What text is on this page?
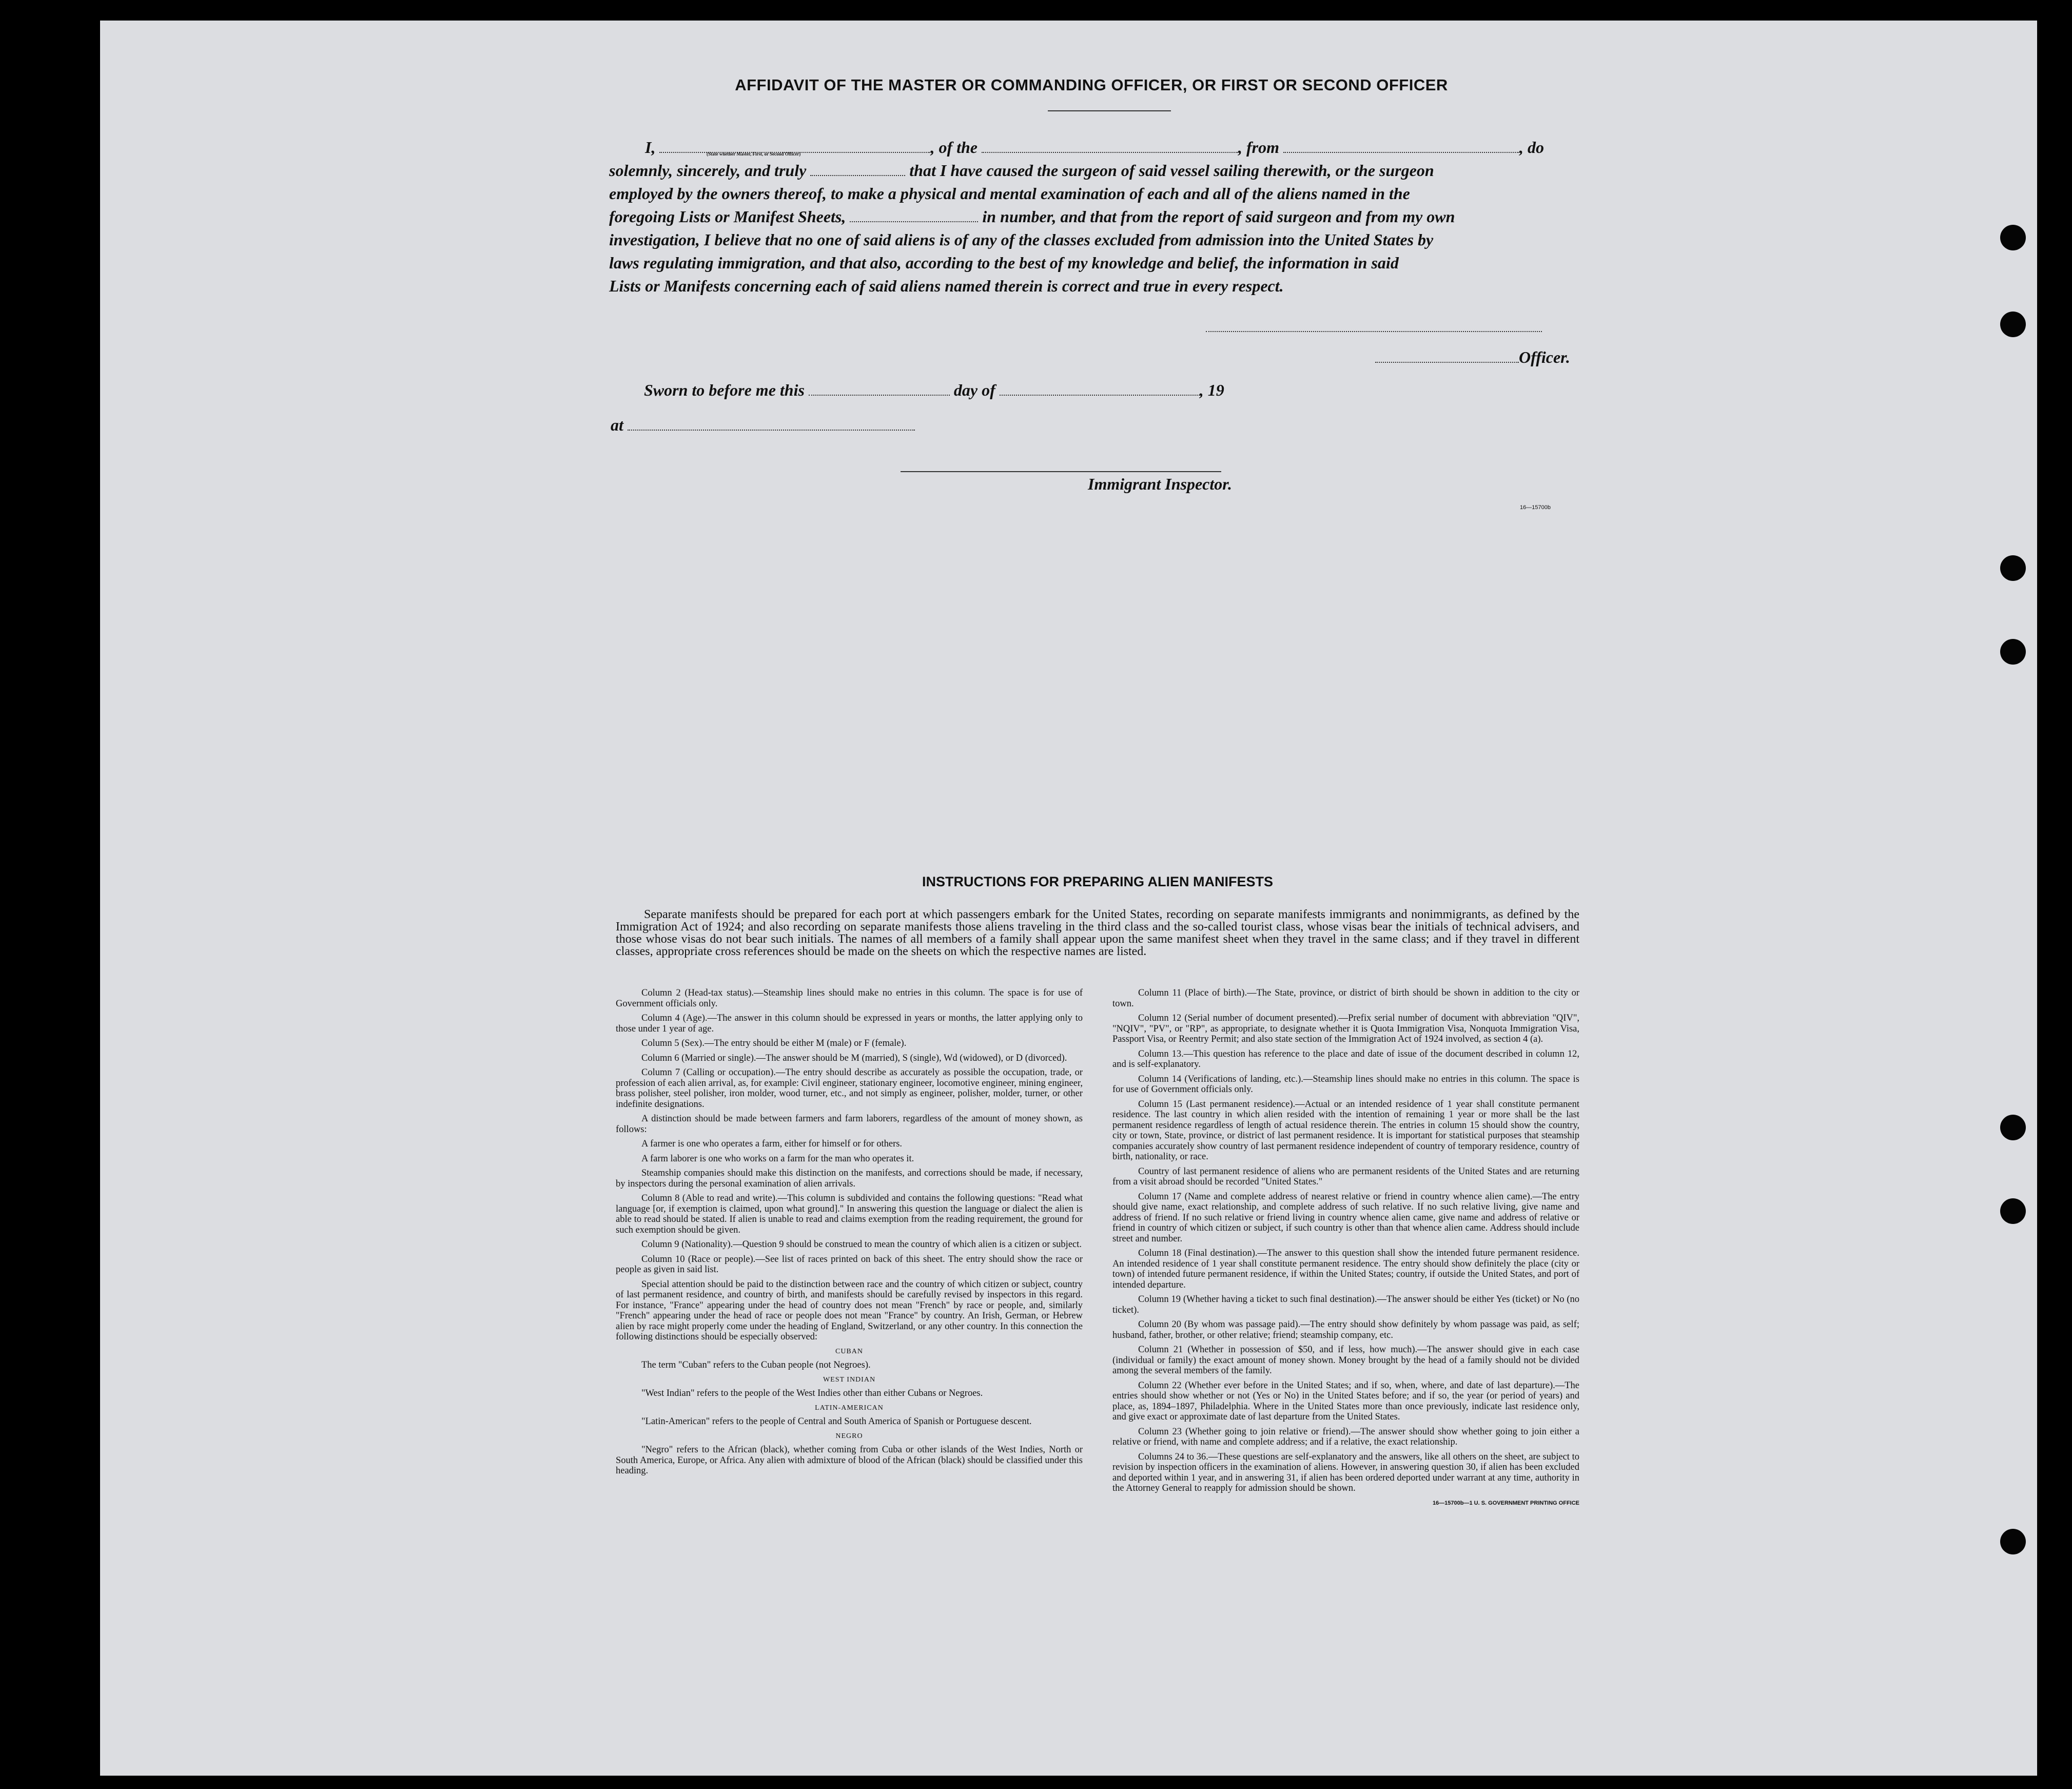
AFFIDAVIT OF THE MASTER OR COMMANDING OFFICER, OR FIRST OR SECOND OFFICER
I,	, of the	, from	, do
(State whether Master, First, or Second Officer)
solemnly, sincerely, and truly	that I have caused the surgeon of said vessel sailing therewith, or the surgeon
employed by the owners thereof, to make a physical and mental examination of each and all of the aliens named in the
foregoing Lists or Manifest Sheets,	in number, and that from the report of said surgeon and from my own
investigation, I believe that no one of said aliens is of any of the classes excluded from admission into the United States by
laws regulating immigration, and that also, according to the best of my knowledge and belief, the information in said
Lists or Manifests concerning each of said aliens named therein is correct and true in every respect.
Officer.
Sworn to before me this	day of	, 19
at
Immigrant Inspector.
16—15700b
INSTRUCTIONS FOR PREPARING ALIEN MANIFESTS

Separate manifests should be prepared for each port at which passengers embark for the United States, recording on separate manifests immigrants and nonimmigrants, as defined by the Immigration Act of 1924; and also recording on separate manifests those aliens traveling in the third class and the so-called tourist class, whose visas bear the initials of technical advisers, and those whose visas do not bear such initials. The names of all members of a family shall appear upon the same manifest sheet when they travel in the same class; and if they travel in different classes, appropriate cross references should be made on the sheets on which the respective names are listed.

Column 2 (Head-tax status).—Steamship lines should make no entries in this column. The space is for use of Government officials only.

Column 4 (Age).—The answer in this column should be expressed in years or months, the latter applying only to those under 1 year of age.

Column 5 (Sex).—The entry should be either M (male) or F (female).

Column 6 (Married or single).—The answer should be M (married), S (single), Wd (widowed), or D (divorced).

Column 7 (Calling or occupation).—The entry should describe as accurately as possible the occupation, trade, or profession of each alien arrival, as, for example: Civil engineer, stationary engineer, locomotive engineer, mining engineer, brass polisher, steel polisher, iron molder, wood turner, etc., and not simply as engineer, polisher, molder, turner, or other indefinite designations.

A distinction should be made between farmers and farm laborers, regardless of the amount of money shown, as follows:

A farmer is one who operates a farm, either for himself or for others.

A farm laborer is one who works on a farm for the man who operates it.

Steamship companies should make this distinction on the manifests, and corrections should be made, if necessary, by inspectors during the personal examination of alien arrivals.

Column 8 (Able to read and write).—This column is subdivided and contains the following questions: "Read what language [or, if exemption is claimed, upon what ground]." In answering this question the language or dialect the alien is able to read should be stated. If alien is unable to read and claims exemption from the reading requirement, the ground for such exemption should be given.

Column 9 (Nationality).—Question 9 should be construed to mean the country of which alien is a citizen or subject.

Column 10 (Race or people).—See list of races printed on back of this sheet. The entry should show the race or people as given in said list.

Special attention should be paid to the distinction between race and the country of which citizen or subject, country of last permanent residence, and country of birth, and manifests should be carefully revised by inspectors in this regard. For instance, "France" appearing under the head of country does not mean "French" by race or people, and, similarly "French" appearing under the head of race or people does not mean "France" by country. An Irish, German, or Hebrew alien by race might properly come under the heading of England, Switzerland, or any other country. In this connection the following distinctions should be especially observed:

CUBAN

The term "Cuban" refers to the Cuban people (not Negroes).

WEST INDIAN

"West Indian" refers to the people of the West Indies other than either Cubans or Negroes.

LATIN-AMERICAN

"Latin-American" refers to the people of Central and South America of Spanish or Portuguese descent.

NEGRO

"Negro" refers to the African (black), whether coming from Cuba or other islands of the West Indies, North or South America, Europe, or Africa. Any alien with admixture of blood of the African (black) should be classified under this heading.

Column 11 (Place of birth).—The State, province, or district of birth should be shown in addition to the city or town.

Column 12 (Serial number of document presented).—Prefix serial number of document with abbreviation "QIV", "NQIV", "PV", or "RP", as appropriate, to designate whether it is Quota Immigration Visa, Nonquota Immigration Visa, Passport Visa, or Reentry Permit; and also state section of the Immigration Act of 1924 involved, as section 4 (a).

Column 13.—This question has reference to the place and date of issue of the document described in column 12, and is self-explanatory.

Column 14 (Verifications of landing, etc.).—Steamship lines should make no entries in this column. The space is for use of Government officials only.

Column 15 (Last permanent residence).—Actual or an intended residence of 1 year shall constitute permanent residence. The last country in which alien resided with the intention of remaining 1 year or more shall be the last permanent residence regardless of length of actual residence therein. The entries in column 15 should show the country, city or town, State, province, or district of last permanent residence. It is important for statistical purposes that steamship companies accurately show country of last permanent residence independent of country of temporary residence, country of birth, nationality, or race.

Country of last permanent residence of aliens who are permanent residents of the United States and are returning from a visit abroad should be recorded "United States."

Column 17 (Name and complete address of nearest relative or friend in country whence alien came).—The entry should give name, exact relationship, and complete address of such relative. If no such relative living, give name and address of friend. If no such relative or friend living in country whence alien came, give name and address of relative or friend in country of which citizen or subject, if such country is other than that whence alien came. Address should include street and number.

Column 18 (Final destination).—The answer to this question shall show the intended future permanent residence. An intended residence of 1 year shall constitute permanent residence. The entry should show definitely the place (city or town) of intended future permanent residence, if within the United States; country, if outside the United States, and port of intended departure.

Column 19 (Whether having a ticket to such final destination).—The answer should be either Yes (ticket) or No (no ticket).

Column 20 (By whom was passage paid).—The entry should show definitely by whom passage was paid, as self; husband, father, brother, or other relative; friend; steamship company, etc.

Column 21 (Whether in possession of $50, and if less, how much).—The answer should give in each case (individual or family) the exact amount of money shown. Money brought by the head of a family should not be divided among the several members of the family.

Column 22 (Whether ever before in the United States; and if so, when, where, and date of last departure).—The entries should show whether or not (Yes or No) in the United States before; and if so, the year (or period of years) and place, as, 1894–1897, Philadelphia. Where in the United States more than once previously, indicate last residence only, and give exact or approximate date of last departure from the United States.

Column 23 (Whether going to join relative or friend).—The answer should show whether going to join either a relative or friend, with name and complete address; and if a relative, the exact relationship.

Columns 24 to 36.—These questions are self-explanatory and the answers, like all others on the sheet, are subject to revision by inspection officers in the examination of aliens. However, in answering question 30, if alien has been excluded and deported within 1 year, and in answering 31, if alien has been ordered deported under warrant at any time, authority in the Attorney General to reapply for admission should be shown.

16—15700b—1 U. S. GOVERNMENT PRINTING OFFICE
